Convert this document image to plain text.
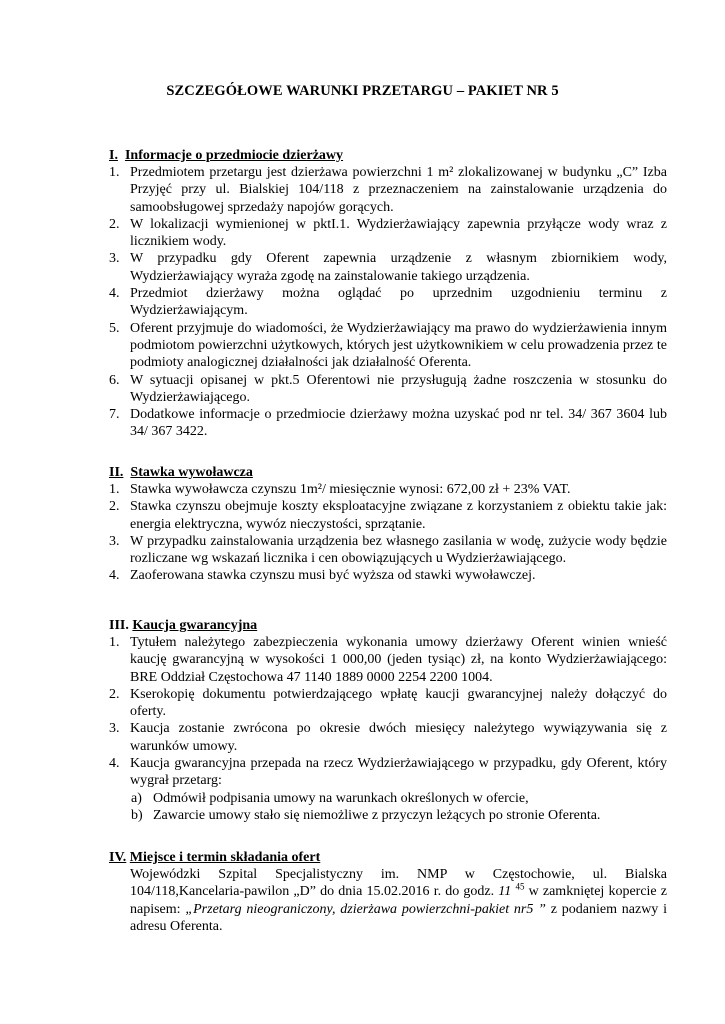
SZCZEGÓŁOWE WARUNKI PRZETARGU – PAKIET NR 5
I. Informacje o przedmiocie dzierżawy
1. Przedmiotem przetargu jest dzierżawa powierzchni 1 m² zlokalizowanej w budynku „C” Izba Przyjęć przy ul. Bialskiej 104/118 z przeznaczeniem na zainstalowanie urządzenia do samoobsługowej sprzedaży napojów gorących.
2. W lokalizacji wymienionej w pktI.1. Wydzierżawiający zapewnia przyłącze wody wraz z licznikiem wody.
3. W przypadku gdy Oferent zapewnia urządzenie z własnym zbiornikiem wody, Wydzierżawiający wyraża zgodę na zainstalowanie takiego urządzenia.
4. Przedmiot dzierżawy można oglądać po uprzednim uzgodnieniu terminu z Wydzierżawiającym.
5. Oferent przyjmuje do wiadomości, że Wydzierżawiający ma prawo do wydzierżawienia innym podmiotom powierzchni użytkowych, których jest użytkownikiem w celu prowadzenia przez te podmioty analogicznej działalności jak działalność Oferenta.
6. W sytuacji opisanej w pkt.5 Oferentowi nie przysługują żadne roszczenia w stosunku do Wydzierżawiającego.
7. Dodatkowe informacje o przedmiocie dzierżawy można uzyskać pod nr tel. 34/ 367 3604 lub 34/ 367 3422.
II. Stawka wywoławcza
1. Stawka wywoławcza czynszu 1m²/ miesięcznie wynosi: 672,00 zł + 23% VAT.
2. Stawka czynszu obejmuje koszty eksploatacyjne związane z korzystaniem z obiektu takie jak: energia elektryczna, wywóz nieczystości, sprzątanie.
3. W przypadku zainstalowania urządzenia bez własnego zasilania w wodę, zużycie wody będzie rozliczane wg wskazań licznika i cen obowiązujących u Wydzierżawiającego.
4. Zaoferowana stawka czynszu musi być wyższa od stawki wywoławczej.
III. Kaucja gwarancyjna
1. Tytułem należytego zabezpieczenia wykonania umowy dzierżawy Oferent winien wnieść kaucję gwarancyjną w wysokości 1 000,00 (jeden tysiąc) zł, na konto Wydzierżawiającego: BRE Oddział Częstochowa 47 1140 1889 0000 2254 2200 1004.
2. Kserokopię dokumentu potwierdzającego wpłatę kaucji gwarancyjnej należy dołączyć do oferty.
3. Kaucja zostanie zwrócona po okresie dwóch miesięcy należytego wywiązywania się z warunków umowy.
4. Kaucja gwarancyjna przepada na rzecz Wydzierżawiającego w przypadku, gdy Oferent, który wygrał przetarg:
a) Odmówił podpisania umowy na warunkach określonych w ofercie,
b) Zawarcie umowy stało się niemożliwe z przyczyn leżących po stronie Oferenta.
IV. Miejsce i termin składania ofert

Wojewódzki Szpital Specjalistyczny im. NMP w Częstochowie, ul. Bialska 104/118,Kancelaria-pawilon „D” do dnia 15.02.2016 r. do godz. 11 $^{45}$ w zamkniętej kopercie z napisem: „Przetarg nieograniczony, dzierżawa powierzchni-pakiet nr5 ” z podaniem nazwy i adresu Oferenta.
